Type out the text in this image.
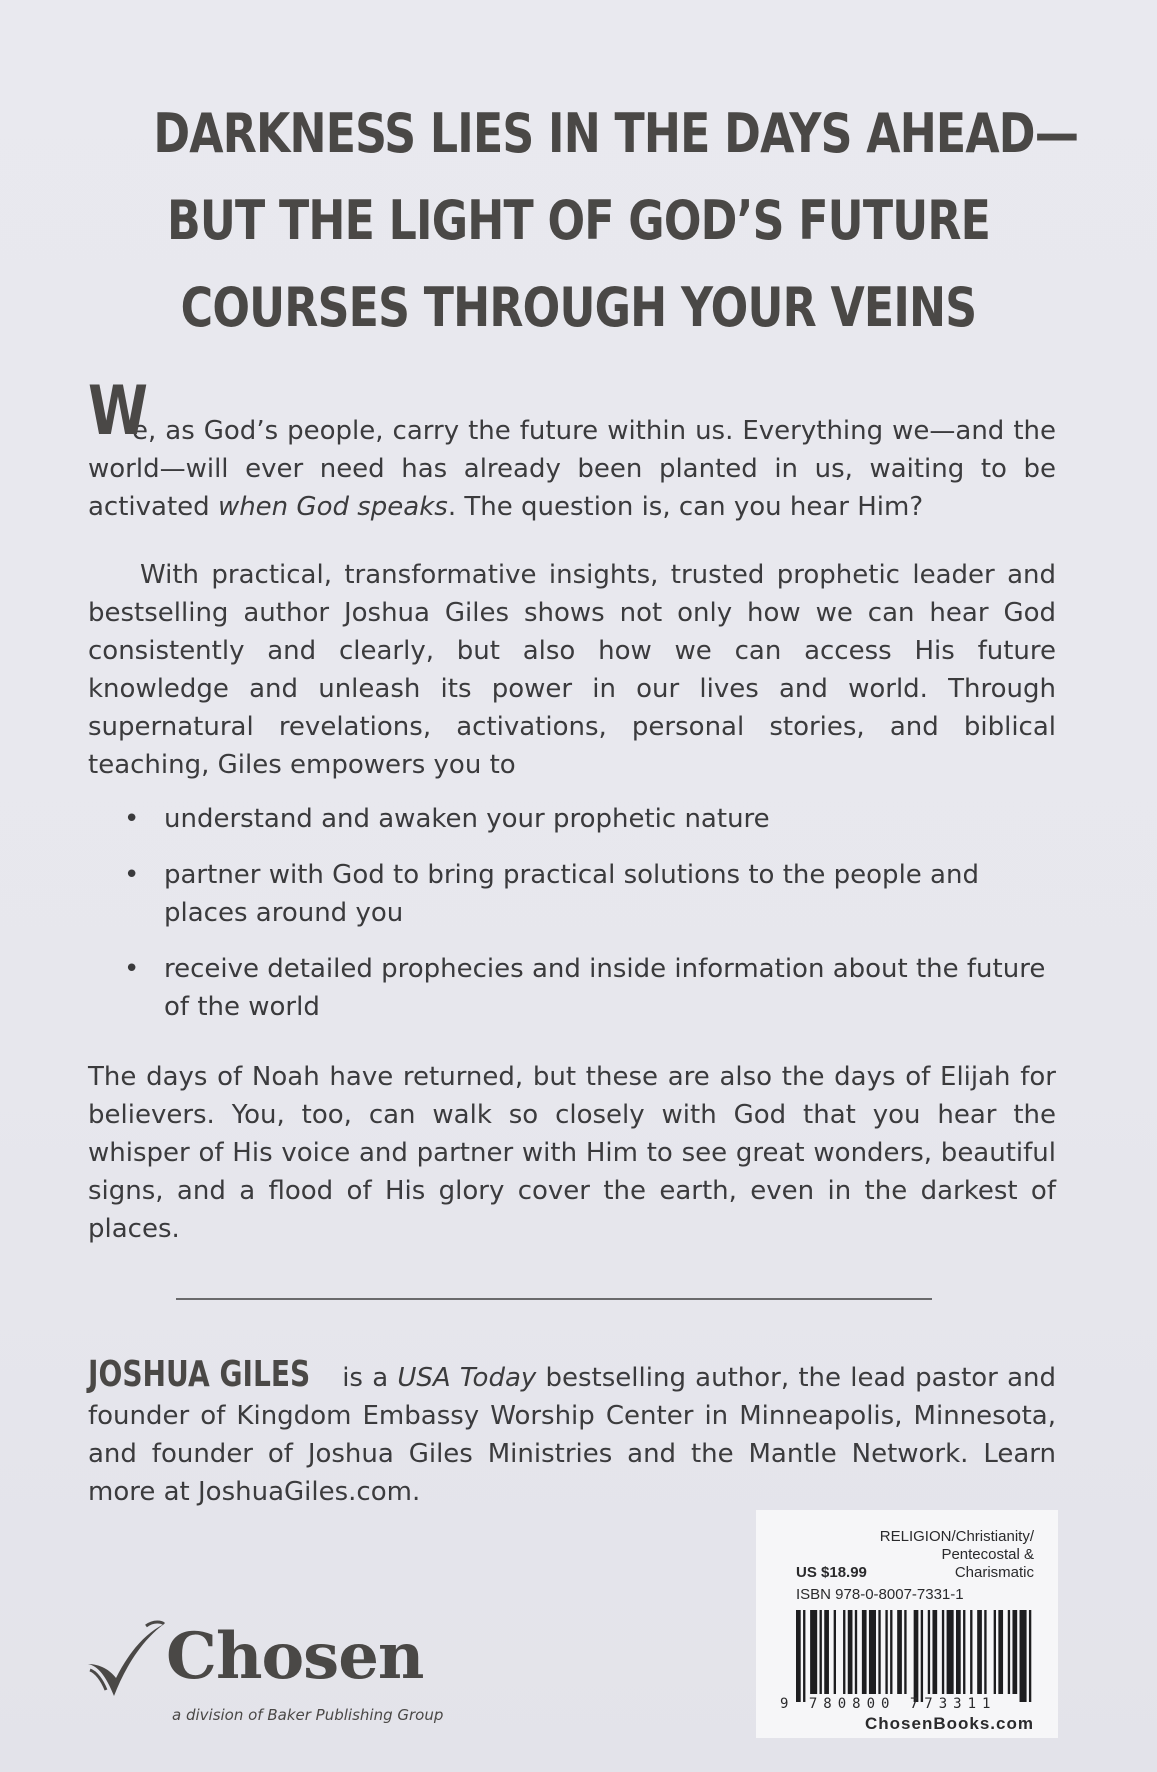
DARKNESS LIES IN THE DAYS AHEAD—
BUT THE LIGHT OF GOD’S FUTURE
COURSES THROUGH YOUR VEINS

W
e, as God’s people, carry the future within us. Everything we—and the world—will ever need has already been planted in us, waiting to be activated when God speaks. The question is, can you hear Him?

With practical, transformative insights, trusted prophetic leader and bestselling author Joshua Giles shows not only how we can hear God consistently and clearly, but also how we can access His future knowledge and unleash its power in our lives and world. Through supernatural revelations, activations, personal stories, and biblical teaching, Giles empowers you to

• understand and awaken your prophetic nature
• partner with God to bring practical solutions to the people and places around you
• receive detailed prophecies and inside information about the future of the world

The days of Noah have returned, but these are also the days of Elijah for believers. You, too, can walk so closely with God that you hear the whisper of His voice and partner with Him to see great wonders, beautiful signs, and a flood of His glory cover the earth, even in the darkest of places.

JOSHUA GILES is a USA Today bestselling author, the lead pastor and founder of Kingdom Embassy Worship Center in Minneapolis, Minnesota, and founder of Joshua Giles Ministries and the Mantle Network. Learn more at JoshuaGiles.com.

Chosen
a division of Baker Publishing Group
RELIGION/Christianity/
Pentecostal &
Charismatic
US $18.99
ISBN 978-0-8007-7331-1
9 780800 773311
ChosenBooks.com
